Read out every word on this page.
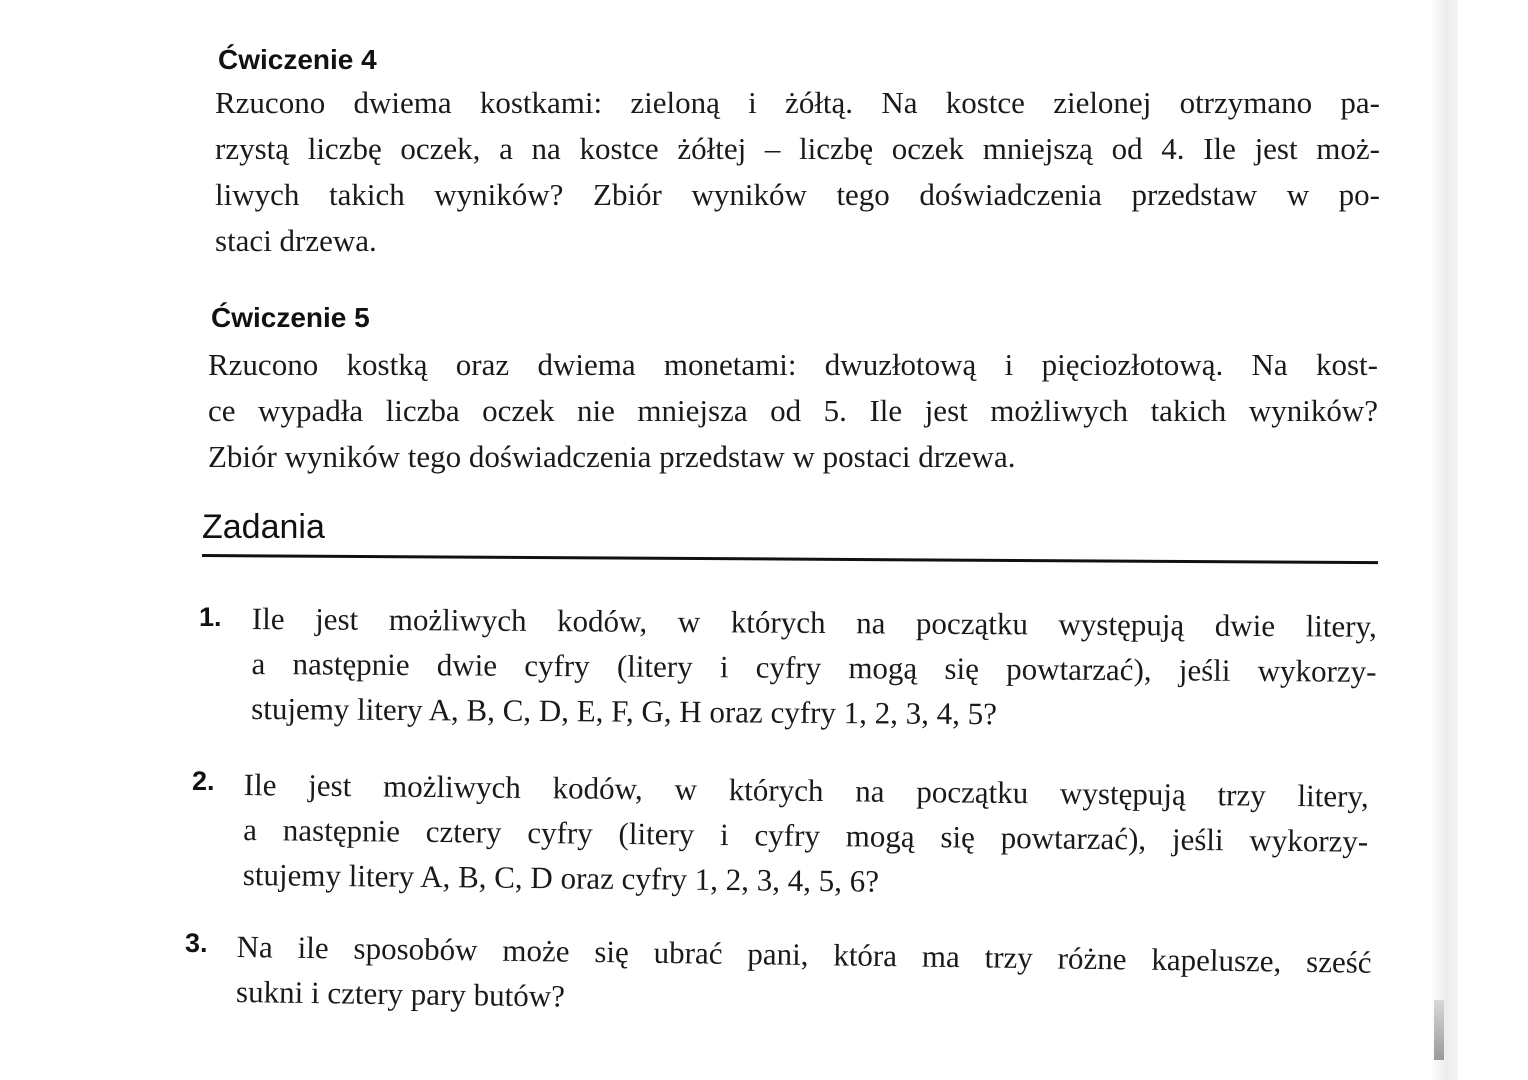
Ćwiczenie 4
Rzucono dwiema kostkami: zieloną i żółtą. Na kostce zielonej otrzymano pa-
rzystą liczbę oczek, a na kostce żółtej – liczbę oczek mniejszą od 4. Ile jest moż-
liwych takich wyników? Zbiór wyników tego doświadczenia przedstaw w po-
staci drzewa.
Ćwiczenie 5
Rzucono kostką oraz dwiema monetami: dwuzłotową i pięciozłotową. Na kost-
ce wypadła liczba oczek nie mniejsza od 5. Ile jest możliwych takich wyników?
Zbiór wyników tego doświadczenia przedstaw w postaci drzewa.
Zadania
1. Ile jest możliwych kodów, w których na początku występują dwie litery,
a następnie dwie cyfry (litery i cyfry mogą się powtarzać), jeśli wykorzy-
stujemy litery A, B, C, D, E, F, G, H oraz cyfry 1, 2, 3, 4, 5?
2. Ile jest możliwych kodów, w których na początku występują trzy litery,
a następnie cztery cyfry (litery i cyfry mogą się powtarzać), jeśli wykorzy-
stujemy litery A, B, C, D oraz cyfry 1, 2, 3, 4, 5, 6?
3. Na ile sposobów może się ubrać pani, która ma trzy różne kapelusze, sześć
sukni i cztery pary butów?
